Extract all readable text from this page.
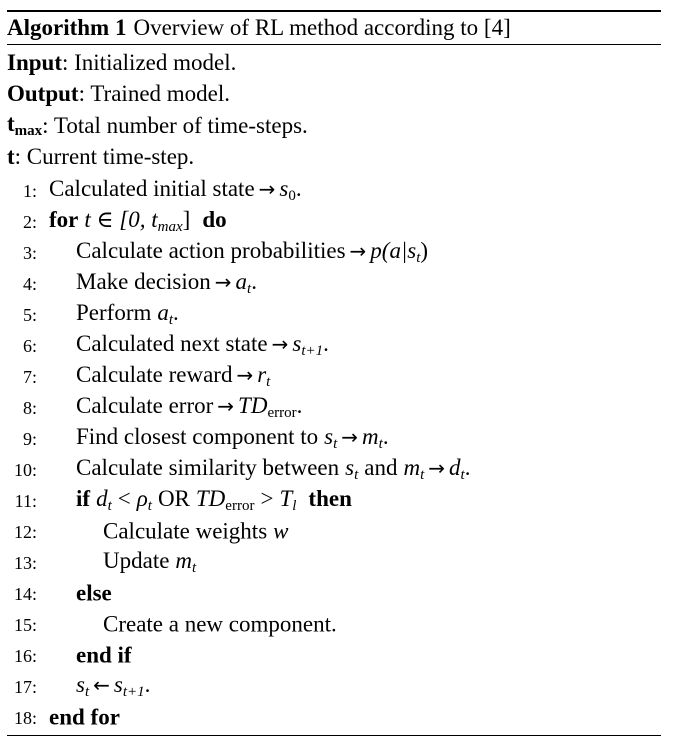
Algorithm 1 Overview of RL method according to [4]
Input : Initialized model.
Output : Trained model.
$t_{max}$ : Total number of time-steps.
t : Current time-step.
1: Calculated initial state → $s_0$.
2: for t ∈ [0, $t_{max}$] do
3: Calculate action probabilities → $p(a|s_t)$
4: Make decision → $a_t$.
5: Perform $a_t$.
6: Calculated next state → $s_{t+1}$.
7: Calculate reward → $r_t$
8: Calculate error → $TD_{error}$.
9: Find closest component to $s_t \to m_t$.
10: Calculate similarity between $s_t$ and $m_t \to d_t$.
11: if $d_t < \rho_t$ OR $TD_{error} > T_l$ then
12:	Calculate weights w
13:	Update $m_t$
14: else
15:	Create a new component.
16: end if
17: $s_t$ ← $s_{t+1}$.
18: end for
